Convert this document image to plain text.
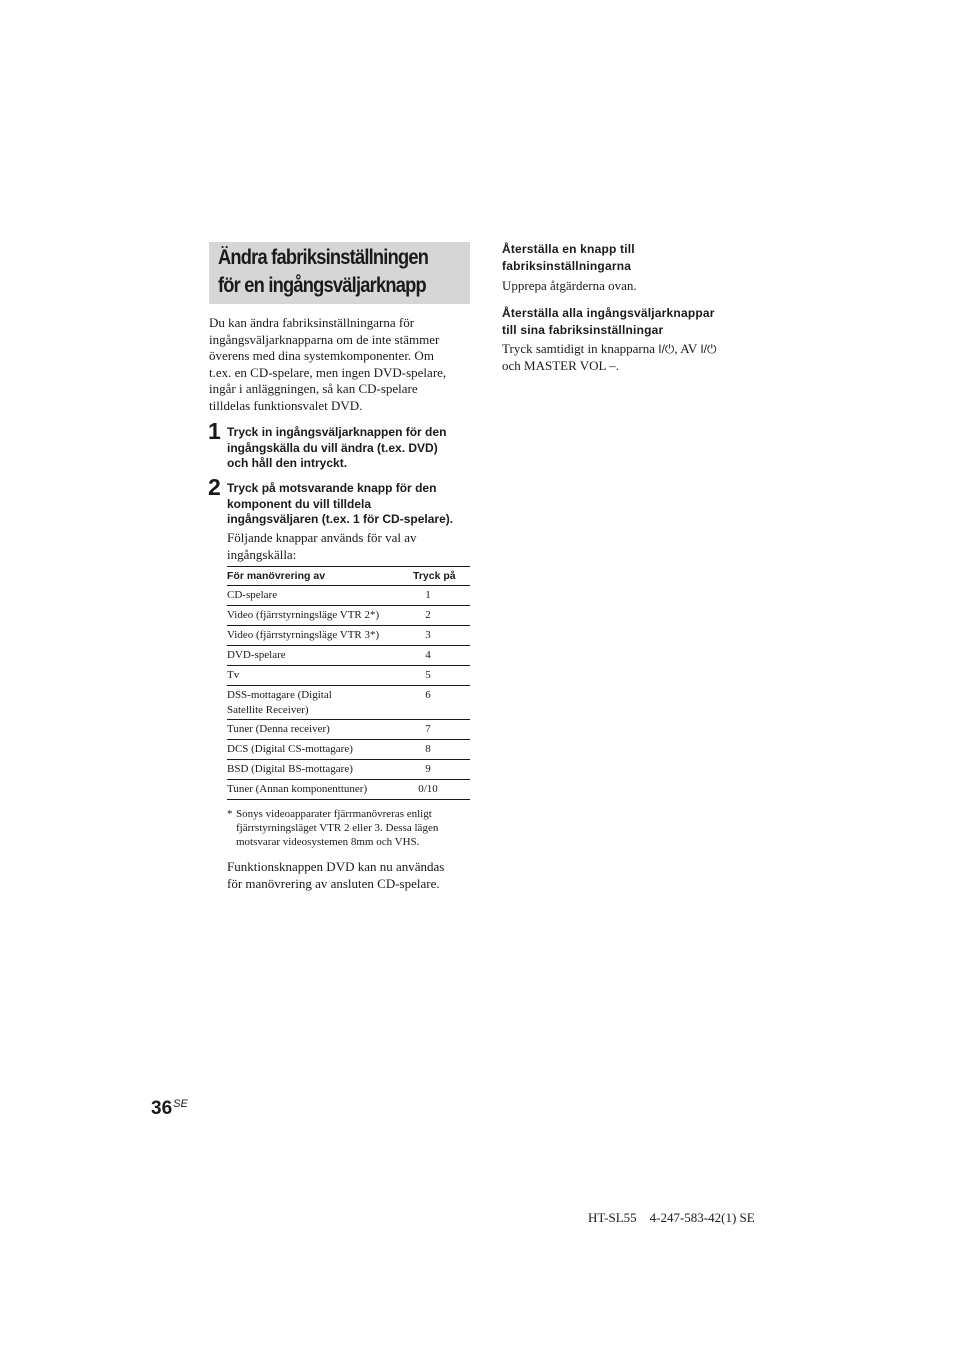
Ändra fabriksinställningen
för en ingångsväljarknapp
Du kan ändra fabriksinställningarna för
ingångsväljarknapparna om de inte stämmer
överens med dina systemkomponenter. Om
t.ex. en CD-spelare, men ingen DVD-spelare,
ingår i anläggningen, så kan CD-spelare
tilldelas funktionsvalet DVD.
1 Tryck in ingångsväljarknappen för den
ingångskälla du vill ändra (t.ex. DVD)
och håll den intryckt.
2 Tryck på motsvarande knapp för den
komponent du vill tilldela
ingångsväljaren (t.ex. 1 för CD-spelare).
Följande knappar används för val av
ingångskälla:
För manövrering av	Tryck på
CD-spelare	1
Video (fjärrstyrningsläge VTR 2*)	2
Video (fjärrstyrningsläge VTR 3*)	3
DVD-spelare	4
Tv	5

DSS-mottagare (Digital
Satellite Receiver)	6
Tuner (Denna receiver)	7
DCS (Digital CS-mottagare)	8
BSD (Digital BS-mottagare)	9
Tuner (Annan komponenttuner)	0/10
* Sonys videoapparater fjärrmanövreras enligt
fjärrstyrningsläget VTR 2 eller 3. Dessa lägen
motsvarar videosystemen 8mm och VHS.
Funktionsknappen DVD kan nu användas
för manövrering av ansluten CD-spelare.
Återställa en knapp till
fabriksinställningarna
Upprepa åtgärderna ovan.
Återställa alla ingångsväljarknappar
till sina fabriksinställningar
Tryck samtidigt in knapparna I/⏻, AV I/⏻
och MASTER VOL –.
$36^{SE}$
HT-SL55    4-247-583-42(1) SE
